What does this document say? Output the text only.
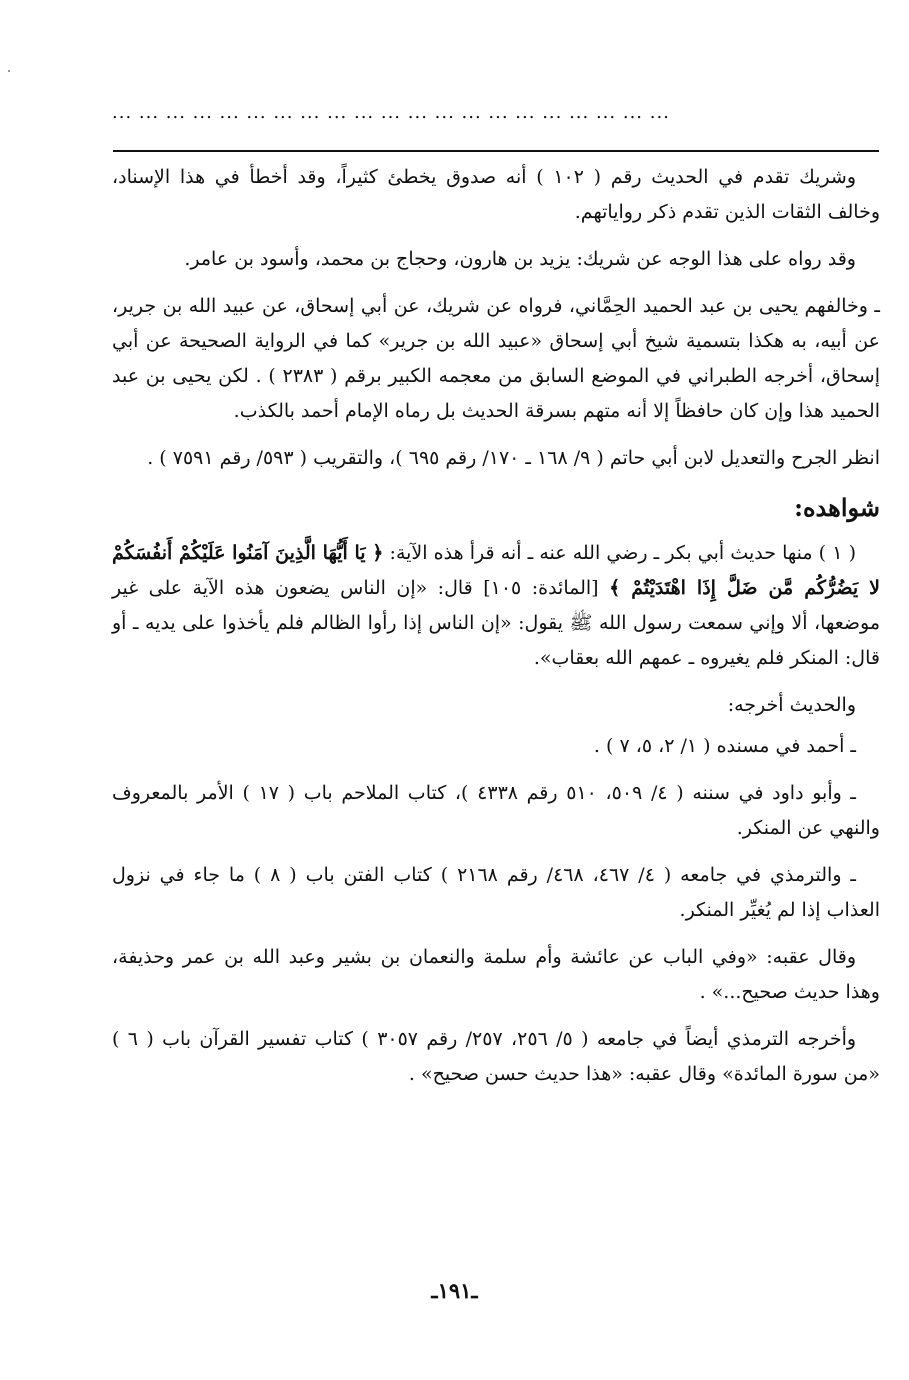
... ... ... ... ... ... ... ... ... ... ... ... ... ... ... ... ... ... ... ... ...

وشريك تقدم في الحديث رقم ( ١٠٢ ) أنه صدوق يخطئ كثيراً، وقد أخطأ في هذا الإسناد، وخالف الثقات الذين تقدم ذكر رواياتهم.

وقد رواه على هذا الوجه عن شريك: يزيد بن هارون، وحجاج بن محمد، وأسود بن عامر.

ـ وخالفهم يحيى بن عبد الحميد الحِمَّاني، فرواه عن شريك، عن أبي إسحاق، عن عبيد الله بن جرير، عن أبيه، به هكذا بتسمية شيخ أبي إسحاق «عبيد الله بن جرير» كما في الرواية الصحيحة عن أبي إسحاق، أخرجه الطبراني في الموضع السابق من معجمه الكبير برقم ( ٢٣٨٣ ) . لكن يحيى بن عبد الحميد هذا وإن كان حافظاً إلا أنه متهم بسرقة الحديث بل رماه الإمام أحمد بالكذب.

انظر الجرح والتعديل لابن أبي حاتم ( ٩/ ١٦٨ ـ ١٧٠/ رقم ٦٩٥ )، والتقريب ( ٥٩٣/ رقم ٧٥٩١ ) .

شواهده:

( ١ ) منها حديث أبي بكر ـ رضي الله عنه ـ أنه قرأ هذه الآية: ﴿ يَا أَيُّهَا الَّذِينَ آمَنُوا عَلَيْكُمْ أَنفُسَكُمْ لا يَضُرُّكُم مَّن ضَلَّ إِذَا اهْتَدَيْتُمْ ﴾ [المائدة: ١٠٥] قال: «إن الناس يضعون هذه الآية على غير موضعها، ألا وإني سمعت رسول الله ﷺ يقول: «إن الناس إذا رأوا الظالم فلم يأخذوا على يديه ـ أو قال: المنكر فلم يغيروه ـ عمهم الله بعقاب».

والحديث أخرجه:

ـ أحمد في مسنده ( ١/ ٢، ٥، ٧ ) .

ـ وأبو داود في سننه ( ٤/ ٥٠٩، ٥١٠ رقم ٤٣٣٨ )، كتاب الملاحم باب ( ١٧ ) الأمر بالمعروف والنهي عن المنكر.

ـ والترمذي في جامعه ( ٤/ ٤٦٧، ٤٦٨/ رقم ٢١٦٨ ) كتاب الفتن باب ( ٨ ) ما جاء في نزول العذاب إذا لم يُغيِّر المنكر.

وقال عقبه: «وفي الباب عن عائشة وأم سلمة والنعمان بن بشير وعبد الله بن عمر وحذيفة، وهذا حديث صحيح...» .

وأخرجه الترمذي أيضاً في جامعه ( ٥/ ٢٥٦، ٢٥٧/ رقم ٣٠٥٧ ) كتاب تفسير القرآن باب ( ٦ ) «من سورة المائدة» وقال عقبه: «هذا حديث حسن صحيح» .

ـ١٩١ـ
